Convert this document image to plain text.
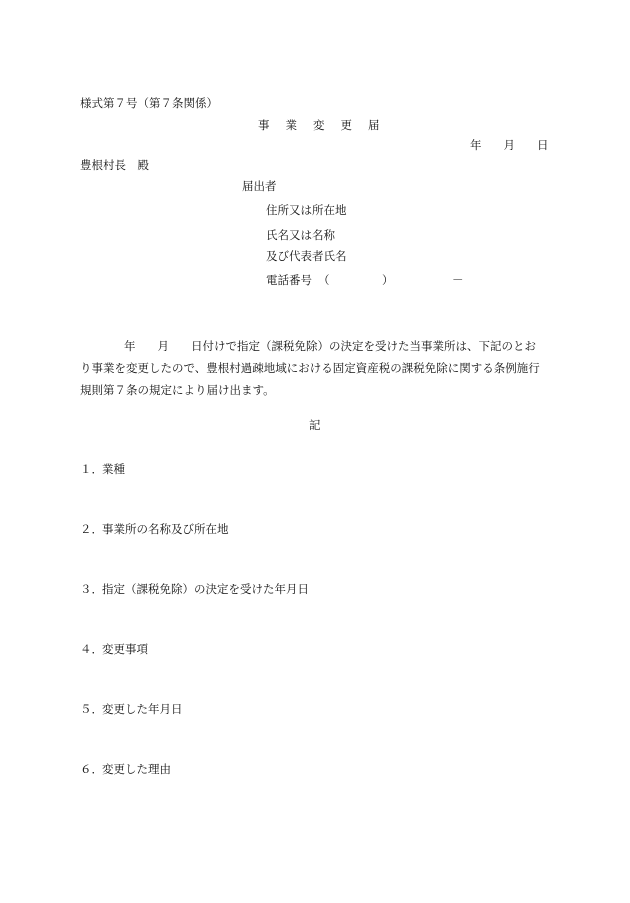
様式第７号（第７条関係）
事 業 変 更 届
年 月 日
豊根村長　殿
届出者
住所又は所在地
氏名又は名称
及び代表者氏名
電話番号 （	）	－
年 月 日付けで指定（課税免除）の決定を受けた当事業所は、下記のとお
り事業を変更したので、豊根村過疎地域における固定資産税の課税免除に関する条例施行
規則第７条の規定により届け出ます。
記
１．業種
２．事業所の名称及び所在地
３．指定（課税免除）の決定を受けた年月日
４．変更事項
５．変更した年月日
６．変更した理由
